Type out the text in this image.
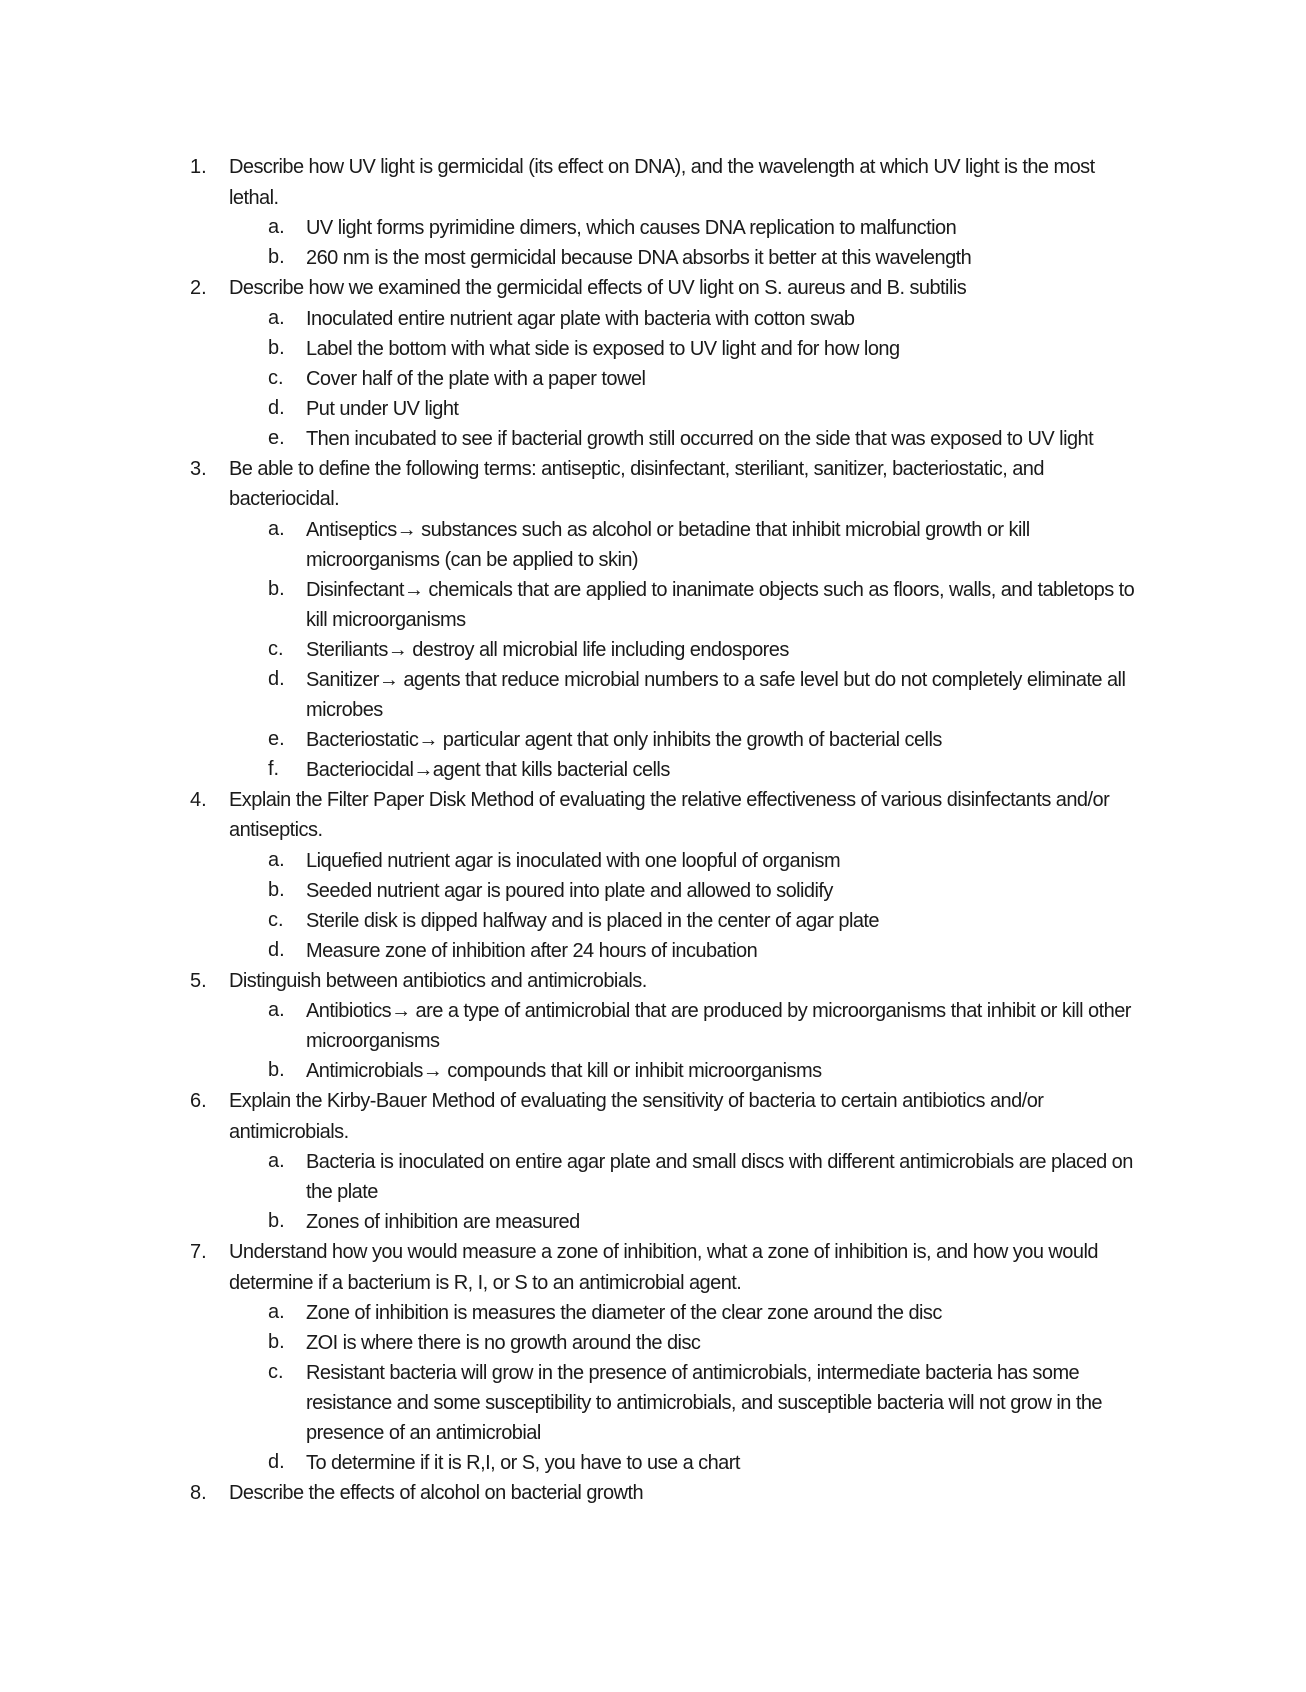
1. Describe how UV light is germicidal (its effect on DNA), and the wavelength at which UV light is the most lethal.
a. UV light forms pyrimidine dimers, which causes DNA replication to malfunction
b. 260 nm is the most germicidal because DNA absorbs it better at this wavelength
2. Describe how we examined the germicidal effects of UV light on S. aureus and B. subtilis
a. Inoculated entire nutrient agar plate with bacteria with cotton swab
b. Label the bottom with what side is exposed to UV light and for how long
c. Cover half of the plate with a paper towel
d. Put under UV light
e. Then incubated to see if bacterial growth still occurred on the side that was exposed to UV light
3. Be able to define the following terms: antiseptic, disinfectant, steriliant, sanitizer, bacteriostatic, and bacteriocidal.
a. Antiseptics→ substances such as alcohol or betadine that inhibit microbial growth or kill microorganisms (can be applied to skin)
b. Disinfectant→ chemicals that are applied to inanimate objects such as floors, walls, and tabletops to kill microorganisms
c. Steriliants→ destroy all microbial life including endospores
d. Sanitizer→ agents that reduce microbial numbers to a safe level but do not completely eliminate all microbes
e. Bacteriostatic→ particular agent that only inhibits the growth of bacterial cells
f. Bacteriocidal→agent that kills bacterial cells
4. Explain the Filter Paper Disk Method of evaluating the relative effectiveness of various disinfectants and/or antiseptics.
a. Liquefied nutrient agar is inoculated with one loopful of organism
b. Seeded nutrient agar is poured into plate and allowed to solidify
c. Sterile disk is dipped halfway and is placed in the center of agar plate
d. Measure zone of inhibition after 24 hours of incubation
5. Distinguish between antibiotics and antimicrobials.
a. Antibiotics→ are a type of antimicrobial that are produced by microorganisms that inhibit or kill other microorganisms
b. Antimicrobials→ compounds that kill or inhibit microorganisms
6. Explain the Kirby-Bauer Method of evaluating the sensitivity of bacteria to certain antibiotics and/or antimicrobials.
a. Bacteria is inoculated on entire agar plate and small discs with different antimicrobials are placed on the plate
b. Zones of inhibition are measured
7. Understand how you would measure a zone of inhibition, what a zone of inhibition is, and how you would determine if a bacterium is R, I, or S to an antimicrobial agent.
a. Zone of inhibition is measures the diameter of the clear zone around the disc
b. ZOI is where there is no growth around the disc
c. Resistant bacteria will grow in the presence of antimicrobials, intermediate bacteria has some resistance and some susceptibility to antimicrobials, and susceptible bacteria will not grow in the presence of an antimicrobial
d. To determine if it is R,I, or S, you have to use a chart
8. Describe the effects of alcohol on bacterial growth
